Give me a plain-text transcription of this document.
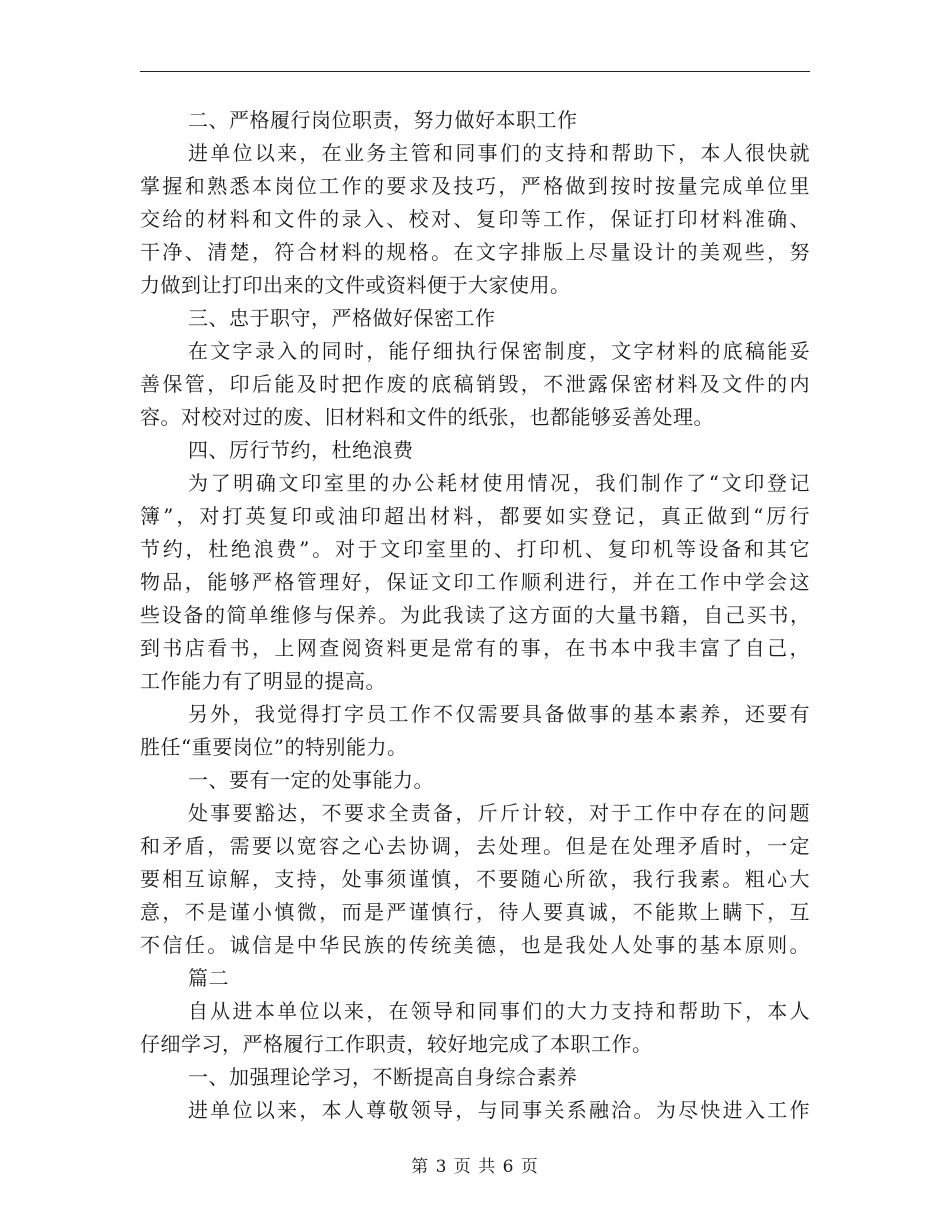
二、严格履行岗位职责，努力做好本职工作
进单位以来，在业务主管和同事们的支持和帮助下，本人很快就
掌握和熟悉本岗位工作的要求及技巧，严格做到按时按量完成单位里
交给的材料和文件的录入、校对、复印等工作，保证打印材料准确、
干净、清楚，符合材料的规格。在文字排版上尽量设计的美观些，努
力做到让打印出来的文件或资料便于大家使用。
三、忠于职守，严格做好保密工作
在文字录入的同时，能仔细执行保密制度，文字材料的底稿能妥
善保管，印后能及时把作废的底稿销毁，不泄露保密材料及文件的内
容。对校对过的废、旧材料和文件的纸张，也都能够妥善处理。
四、厉行节约，杜绝浪费
为了明确文印室里的办公耗材使用情况，我们制作了“文印登记
簿”，对打英复印或油印超出材料，都要如实登记，真正做到“厉行
节约，杜绝浪费”。对于文印室里的、打印机、复印机等设备和其它
物品，能够严格管理好，保证文印工作顺利进行，并在工作中学会这
些设备的简单维修与保养。为此我读了这方面的大量书籍，自己买书，
到书店看书，上网查阅资料更是常有的事，在书本中我丰富了自己，
工作能力有了明显的提高。
另外，我觉得打字员工作不仅需要具备做事的基本素养，还要有
胜任“重要岗位”的特别能力。
一、要有一定的处事能力。
处事要豁达，不要求全责备，斤斤计较，对于工作中存在的问题
和矛盾，需要以宽容之心去协调，去处理。但是在处理矛盾时，一定
要相互谅解，支持，处事须谨慎，不要随心所欲，我行我素。粗心大
意，不是谨小慎微，而是严谨慎行，待人要真诚，不能欺上瞒下，互
不信任。诚信是中华民族的传统美德，也是我处人处事的基本原则。
篇二
自从进本单位以来，在领导和同事们的大力支持和帮助下，本人
仔细学习，严格履行工作职责，较好地完成了本职工作。
一、加强理论学习，不断提高自身综合素养
进单位以来，本人尊敬领导，与同事关系融洽。为尽快进入工作
第 3 页 共 6 页
